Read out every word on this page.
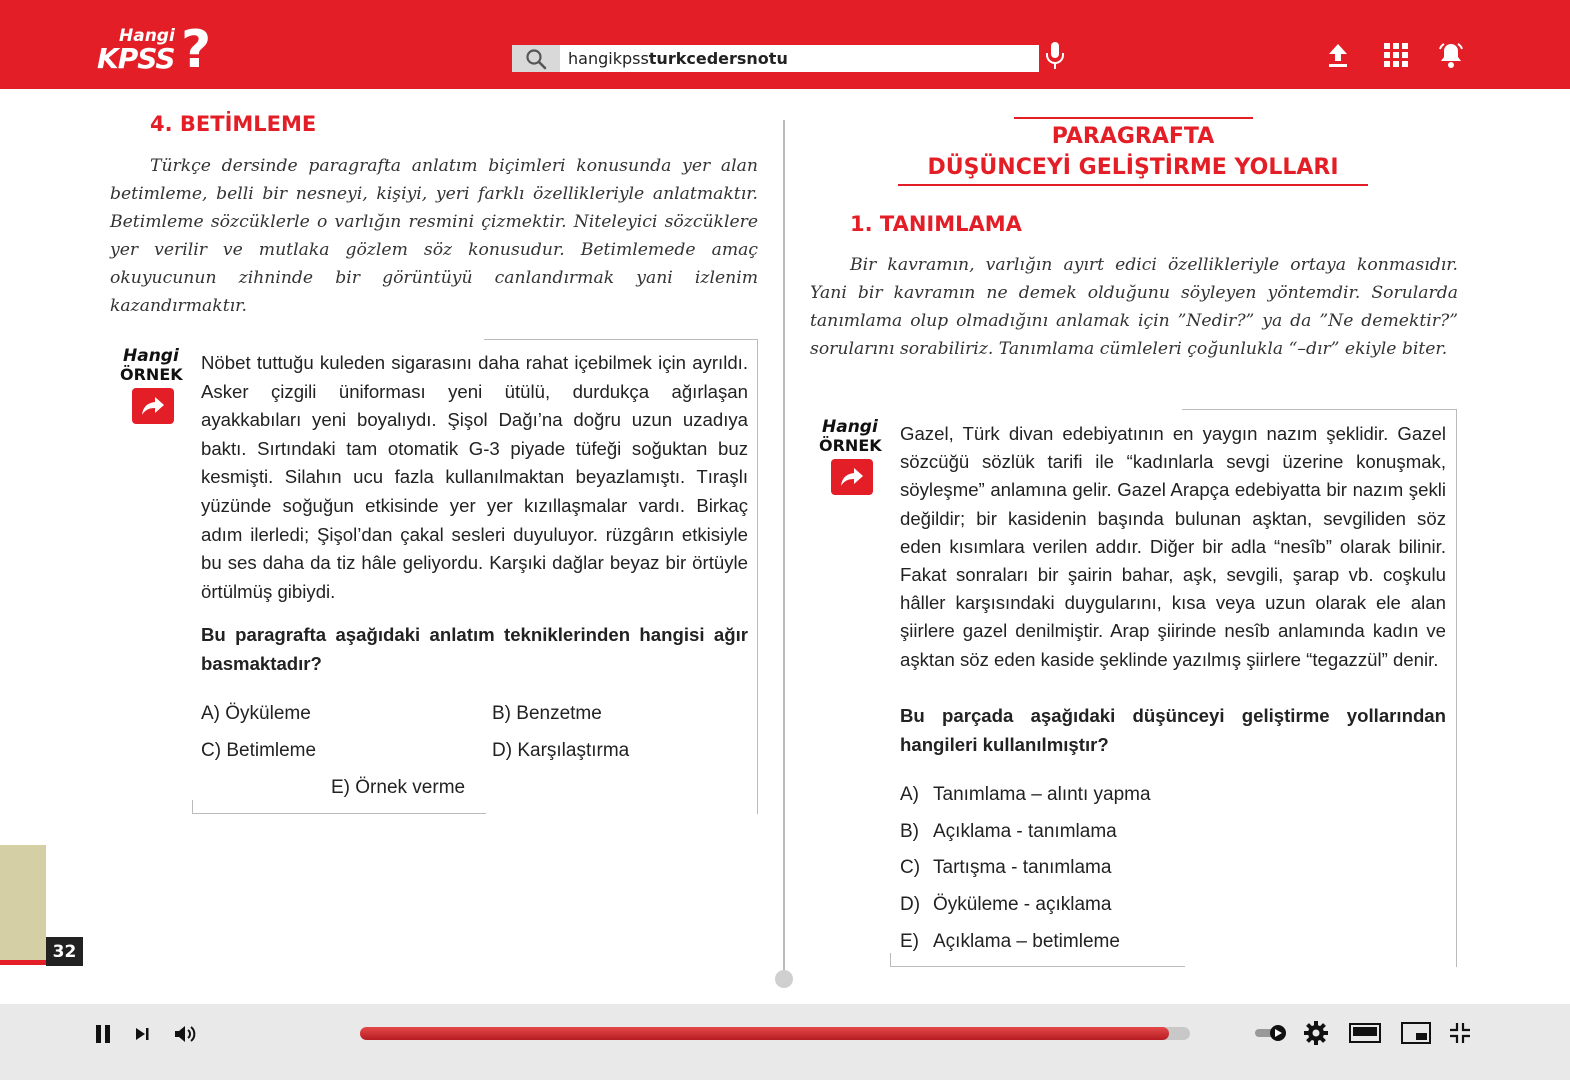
Hangi
KPSS ?	hangikpssturkcedersnotu
4. BETİMLEME
Türkçe dersinde paragrafta anlatım biçimleri konusunda yer alan betimleme, belli bir nesneyi, kişiyi, yeri farklı özellikleriyle anlatmaktır. Betimleme sözcüklerle o varlığın resmini çizmektir. Niteleyici sözcüklere yer verilir ve mutlaka gözlem söz konusudur. Betimlemede amaç okuyucunun zihninde bir görüntüyü canlandırmak yani izlenim kazandırmaktır.
Hangi
ÖRNEK
Nöbet tuttuğu kuleden sigarasını daha rahat içebilmek için ayrıldı. Asker çizgili üniforması yeni ütülü, durdukça ağırlaşan ayakkabıları yeni boyalıydı. Şişol Dağı’na doğru uzun uzadıya baktı. Sırtındaki tam otomatik G-3 piyade tüfeği soğuktan buz kesmişti. Silahın ucu fazla kullanılmaktan beyazlamıştı. Tıraşlı yüzünde soğuğun etkisinde yer yer kızıllaşmalar vardı. Birkaç adım ilerledi; Şişol’dan çakal sesleri duyuluyor. rüzgârın etkisiyle bu ses daha da tiz hâle geliyordu. Karşıki dağlar beyaz bir örtüyle örtülmüş gibiydi.
Bu paragrafta aşağıdaki anlatım tekniklerinden hangisi ağır basmaktadır?
A) Öyküleme	B) Benzetme
C) Betimleme	D) Karşılaştırma
E) Örnek verme
32
PARAGRAFTA
DÜŞÜNCEYİ GELİŞTİRME YOLLARI
1. TANIMLAMA
Bir kavramın, varlığın ayırt edici özellikleriyle ortaya konmasıdır. Yani bir kavramın ne demek olduğunu söyleyen yöntemdir. Sorularda tanımlama olup olmadığını anlamak için ”Nedir?” ya da ”Ne demektir?” sorularını sorabiliriz. Tanımlama cümleleri çoğunlukla “–dır” ekiyle biter.
Hangi
ÖRNEK
Gazel, Türk divan edebiyatının en yaygın nazım şeklidir. Gazel sözcüğü sözlük tarifi ile “kadınlarla sevgi üzerine konuşmak, söyleşme” anlamına gelir. Gazel Arapça edebiyatta bir nazım şekli değildir; bir kasidenin başında bulunan aşktan, sevgiliden söz eden kısımlara verilen addır. Diğer bir adla “nesîb” olarak bilinir. Fakat sonraları bir şairin bahar, aşk, sevgili, şarap vb. coşkulu hâller karşısındaki duygularını, kısa veya uzun olarak ele alan şiirlere gazel denilmiştir. Arap şiirinde nesîb anlamında kadın ve aşktan söz eden kaside şeklinde yazılmış şiirlere “tegazzül” denir.
Bu parçada aşağıdaki düşünceyi geliştirme yollarından hangileri kullanılmıştır?
A) Tanımlama – alıntı yapma
B) Açıklama - tanımlama
C) Tartışma - tanımlama
D) Öyküleme - açıklama
E) Açıklama – betimleme
